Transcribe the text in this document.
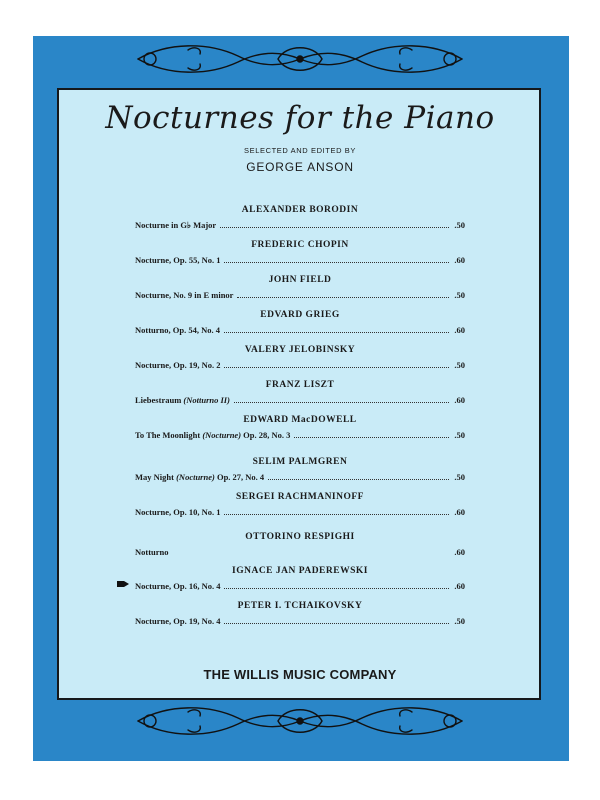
Nocturnes for the Piano
SELECTED AND EDITED BY
GEORGE ANSON
ALEXANDER BORODIN
Nocturne in G♭ Major	.50
FREDERIC CHOPIN
Nocturne, Op. 55, No. 1	.60
JOHN FIELD
Nocturne, No. 9 in E minor	.50
EDVARD GRIEG
Notturno, Op. 54, No. 4	.60
VALERY JELOBINSKY
Nocturne, Op. 19, No. 2	.50
FRANZ LISZT
Liebestraum
(Notturno II)	.60
EDWARD MacDOWELL
To The Moonlight
(Nocturne)
Op. 28, No. 3	.50
SELIM PALMGREN
May Night
(Nocturne)
Op. 27, No. 4	.50
SERGEI RACHMANINOFF
Nocturne, Op. 10, No. 1	.60
OTTORINO RESPIGHI
Notturno	.60
IGNACE JAN PADEREWSKI
Nocturne, Op. 16, No. 4	.60
PETER I. TCHAIKOVSKY
Nocturne, Op. 19, No. 4	.50
THE WILLIS MUSIC COMPANY
